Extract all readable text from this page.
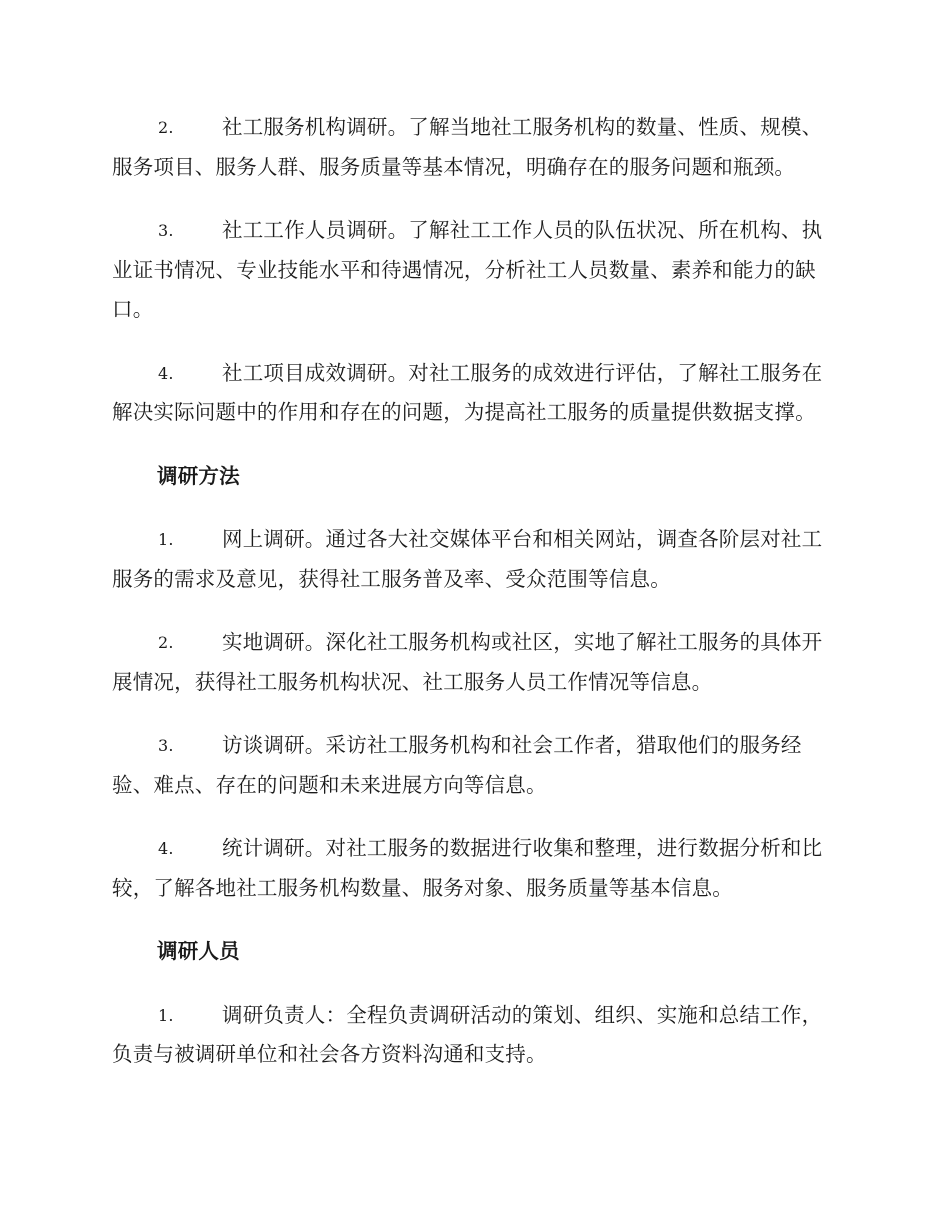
2. 社工服务机构调研。了解当地社工服务机构的数量、性质、规模、服务项目、服务人群、服务质量等基本情况，明确存在的服务问题和瓶颈。

3. 社工工作人员调研。了解社工工作人员的队伍状况、所在机构、执业证书情况、专业技能水平和待遇情况，分析社工人员数量、素养和能力的缺口。

4. 社工项目成效调研。对社工服务的成效进行评估，了解社工服务在解决实际问题中的作用和存在的问题，为提高社工服务的质量提供数据支撑。

调研方法

1. 网上调研。通过各大社交媒体平台和相关网站，调查各阶层对社工服务的需求及意见，获得社工服务普及率、受众范围等信息。

2. 实地调研。深化社工服务机构或社区，实地了解社工服务的具体开展情况，获得社工服务机构状况、社工服务人员工作情况等信息。

3. 访谈调研。采访社工服务机构和社会工作者，猎取他们的服务经验、难点、存在的问题和未来进展方向等信息。

4. 统计调研。对社工服务的数据进行收集和整理，进行数据分析和比较，了解各地社工服务机构数量、服务对象、服务质量等基本信息。

调研人员

1. 调研负责人：全程负责调研活动的策划、组织、实施和总结工作，负责与被调研单位和社会各方资料沟通和支持。
